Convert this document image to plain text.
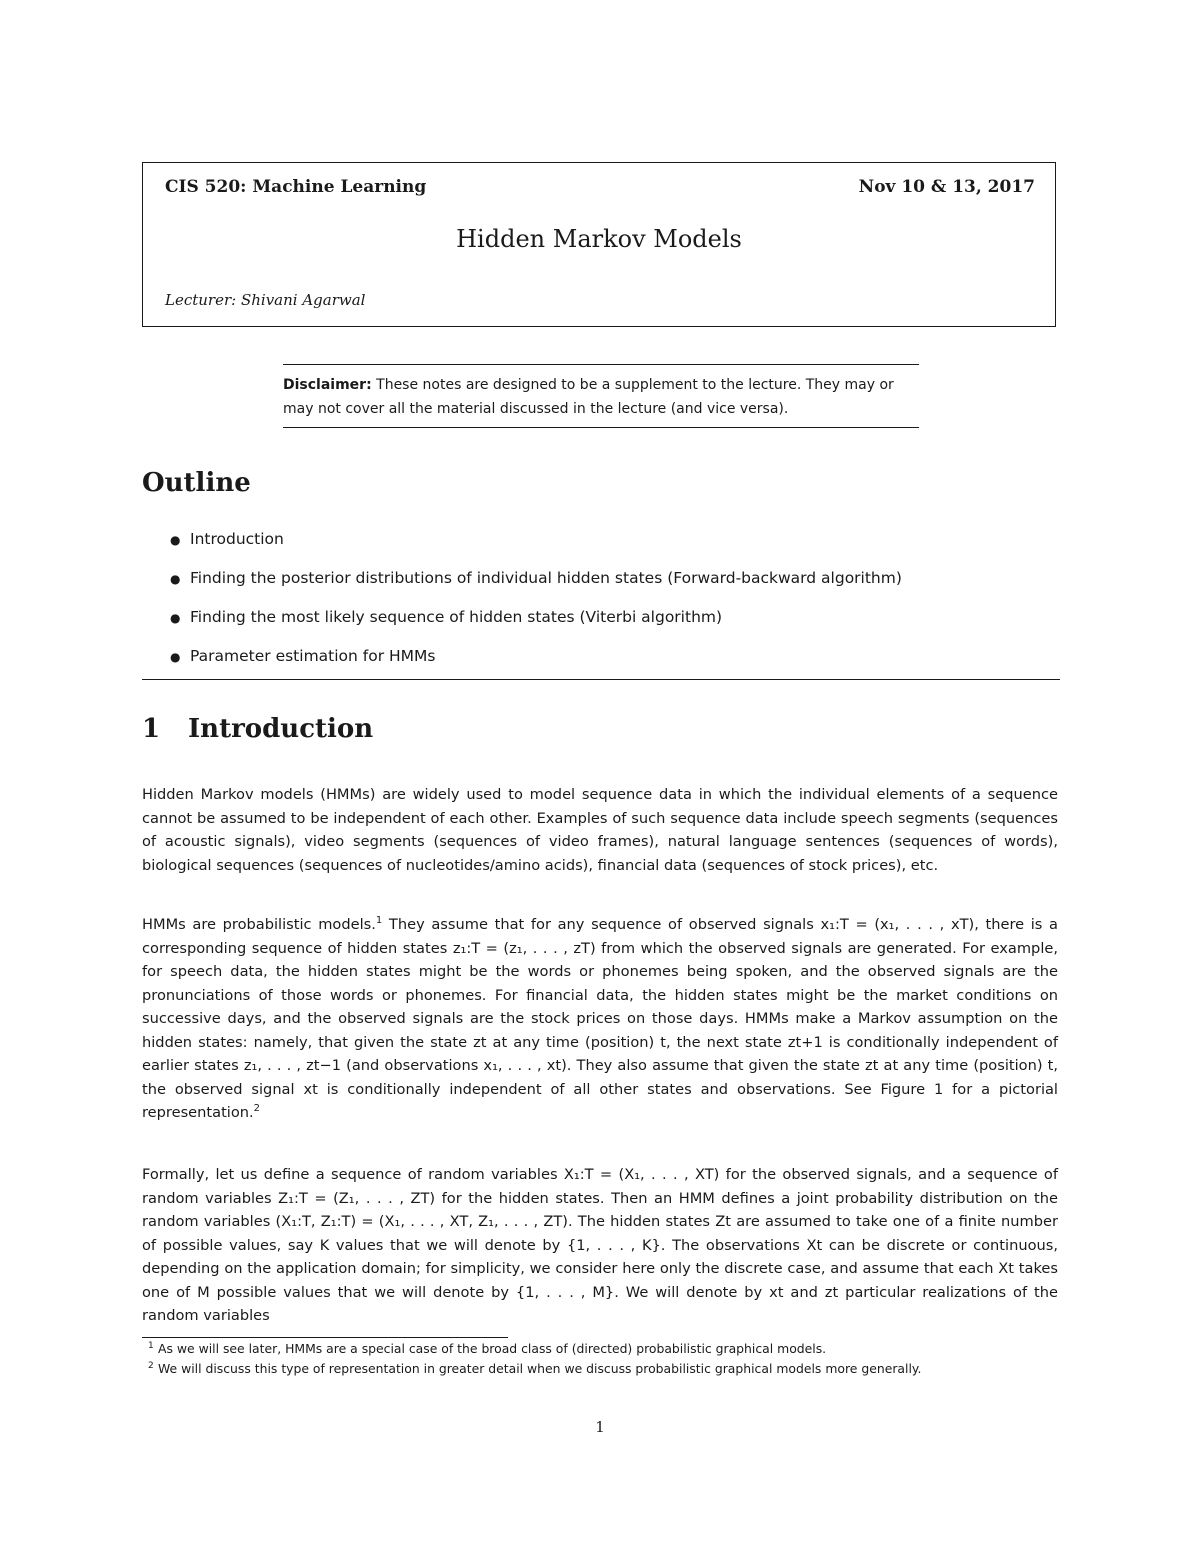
CIS 520: Machine Learning	Nov 10 & 13, 2017
Hidden Markov Models
Lecturer: Shivani Agarwal
Disclaimer: These notes are designed to be a supplement to the lecture. They may or may not cover all the material discussed in the lecture (and vice versa).
Outline
● Introduction
● Finding the posterior distributions of individual hidden states (Forward-backward algorithm)
● Finding the most likely sequence of hidden states (Viterbi algorithm)
● Parameter estimation for HMMs
1 Introduction

Hidden Markov models (HMMs) are widely used to model sequence data in which the individual elements of a sequence cannot be assumed to be independent of each other. Examples of such sequence data include speech segments (sequences of acoustic signals), video segments (sequences of video frames), natural language sentences (sequences of words), biological sequences (sequences of nucleotides/amino acids), financial data (sequences of stock prices), etc.

HMMs are probabilistic models.$^1$ They assume that for any sequence of observed signals x₁:T = (x₁, . . . , xT), there is a corresponding sequence of hidden states z₁:T = (z₁, . . . , zT) from which the observed signals are generated. For example, for speech data, the hidden states might be the words or phonemes being spoken, and the observed signals are the pronunciations of those words or phonemes. For financial data, the hidden states might be the market conditions on successive days, and the observed signals are the stock prices on those days. HMMs make a Markov assumption on the hidden states: namely, that given the state zt at any time (position) t, the next state zt+1 is conditionally independent of earlier states z₁, . . . , zt−1 (and observations x₁, . . . , xt). They also assume that given the state zt at any time (position) t, the observed signal xt is conditionally independent of all other states and observations. See Figure 1 for a pictorial representation.$^2$

Formally, let us define a sequence of random variables X₁:T = (X₁, . . . , XT) for the observed signals, and a sequence of random variables Z₁:T = (Z₁, . . . , ZT) for the hidden states. Then an HMM defines a joint probability distribution on the random variables (X₁:T, Z₁:T) = (X₁, . . . , XT, Z₁, . . . , ZT). The hidden states Zt are assumed to take one of a finite number of possible values, say K values that we will denote by {1, . . . , K}. The observations Xt can be discrete or continuous, depending on the application domain; for simplicity, we consider here only the discrete case, and assume that each Xt takes one of M possible values that we will denote by {1, . . . , M}. We will denote by xt and zt particular realizations of the random variables

1 As we will see later, HMMs are a special case of the broad class of (directed) probabilistic graphical models.
2 We will discuss this type of representation in greater detail when we discuss probabilistic graphical models more generally.
1
